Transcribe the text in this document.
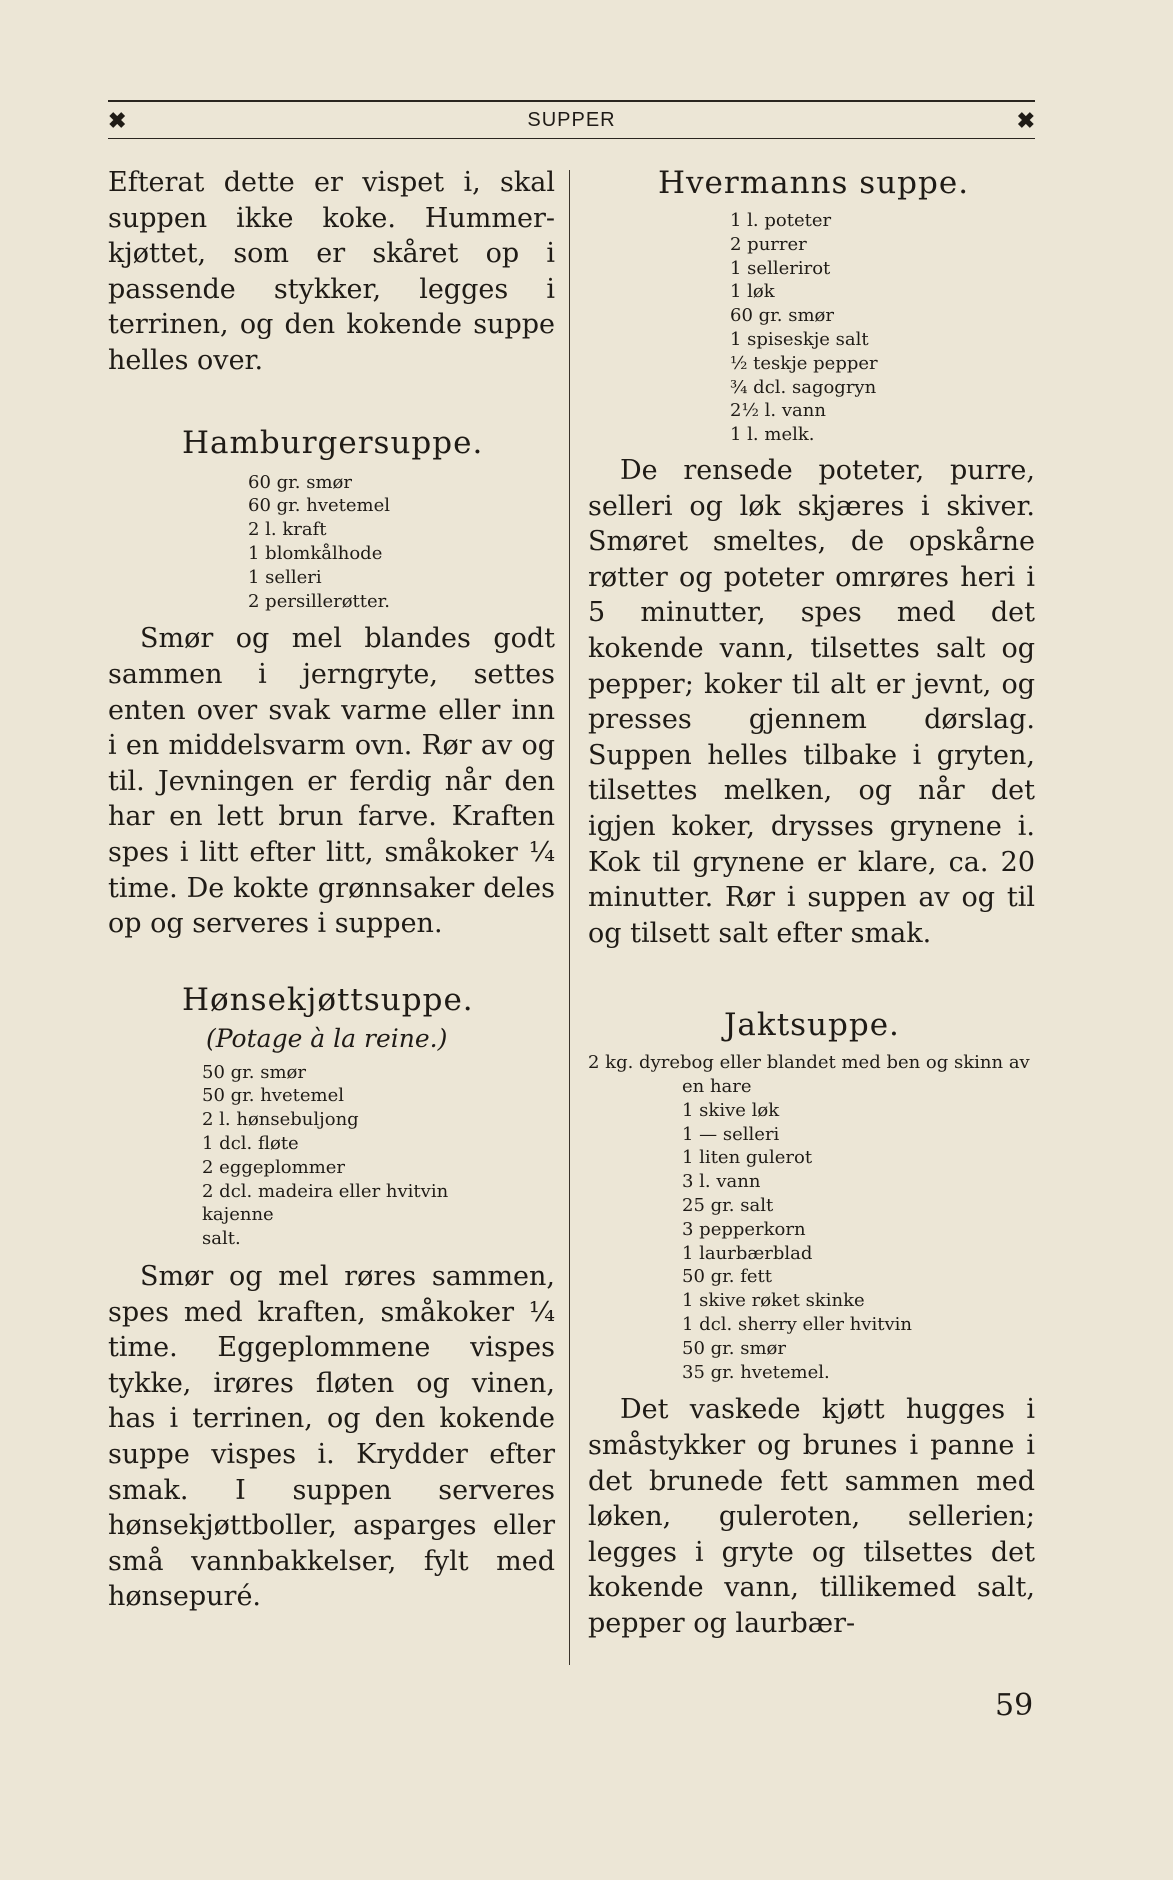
✖	SUPPER	✖

Efterat dette er vispet i, skal suppen ikke koke. Hummerkjøttet, som er skåret op i passende stykker, legges i terrinen, og den kokende suppe helles over.

Hamburgersuppe.
60 gr. smør
60 gr. hvetemel
2 l. kraft
1 blomkålhode
1 selleri
2 persillerøtter.

Smør og mel blandes godt sammen i jerngryte, settes enten over svak varme eller inn i en middelsvarm ovn. Rør av og til. Jevningen er ferdig når den har en lett brun farve. Kraften spes i litt efter litt, småkoker ¼ time. De kokte grønnsaker deles op og serveres i suppen.

Hønsekjøttsuppe.

(Potage à la reine.)

50 gr. smør
50 gr. hvetemel
2 l. hønsebuljong
1 dcl. fløte
2 eggeplommer
2 dcl. madeira eller hvitvin
kajenne
salt.

Smør og mel røres sammen, spes med kraften, småkoker ¼ time. Eggeplommene vispes tykke, irøres fløten og vinen, has i terrinen, og den kokende suppe vispes i. Krydder efter smak. I suppen serveres hønsekjøttboller, asparges eller små vannbakkelser, fylt med hønsepuré.

Hvermanns suppe.
1 l. poteter
2 purrer
1 sellerirot
1 løk
60 gr. smør
1 spiseskje salt
½ teskje pepper
¾ dcl. sagogryn
2½ l. vann
1 l. melk.

De rensede poteter, purre, selleri og løk skjæres i skiver. Smøret smeltes, de opskårne røtter og poteter omrøres heri i 5 minutter, spes med det kokende vann, tilsettes salt og pepper; koker til alt er jevnt, og presses gjennem dørslag. Suppen helles tilbake i gryten, tilsettes melken, og når det igjen koker, drysses grynene i. Kok til grynene er klare, ca. 20 minutter. Rør i suppen av og til og tilsett salt efter smak.

Jaktsuppe.

2 kg. dyrebog eller blandet med ben og skinn av en hare

1 skive løk
1 — selleri
1 liten gulerot
3 l. vann
25 gr. salt
3 pepperkorn
1 laurbærblad
50 gr. fett
1 skive røket skinke
1 dcl. sherry eller hvitvin
50 gr. smør
35 gr. hvetemel.

Det vaskede kjøtt hugges i småstykker og brunes i panne i det brunede fett sammen med løken, guleroten, sellerien; legges i gryte og tilsettes det kokende vann, tillikemed salt, pepper og laurbær-

59
